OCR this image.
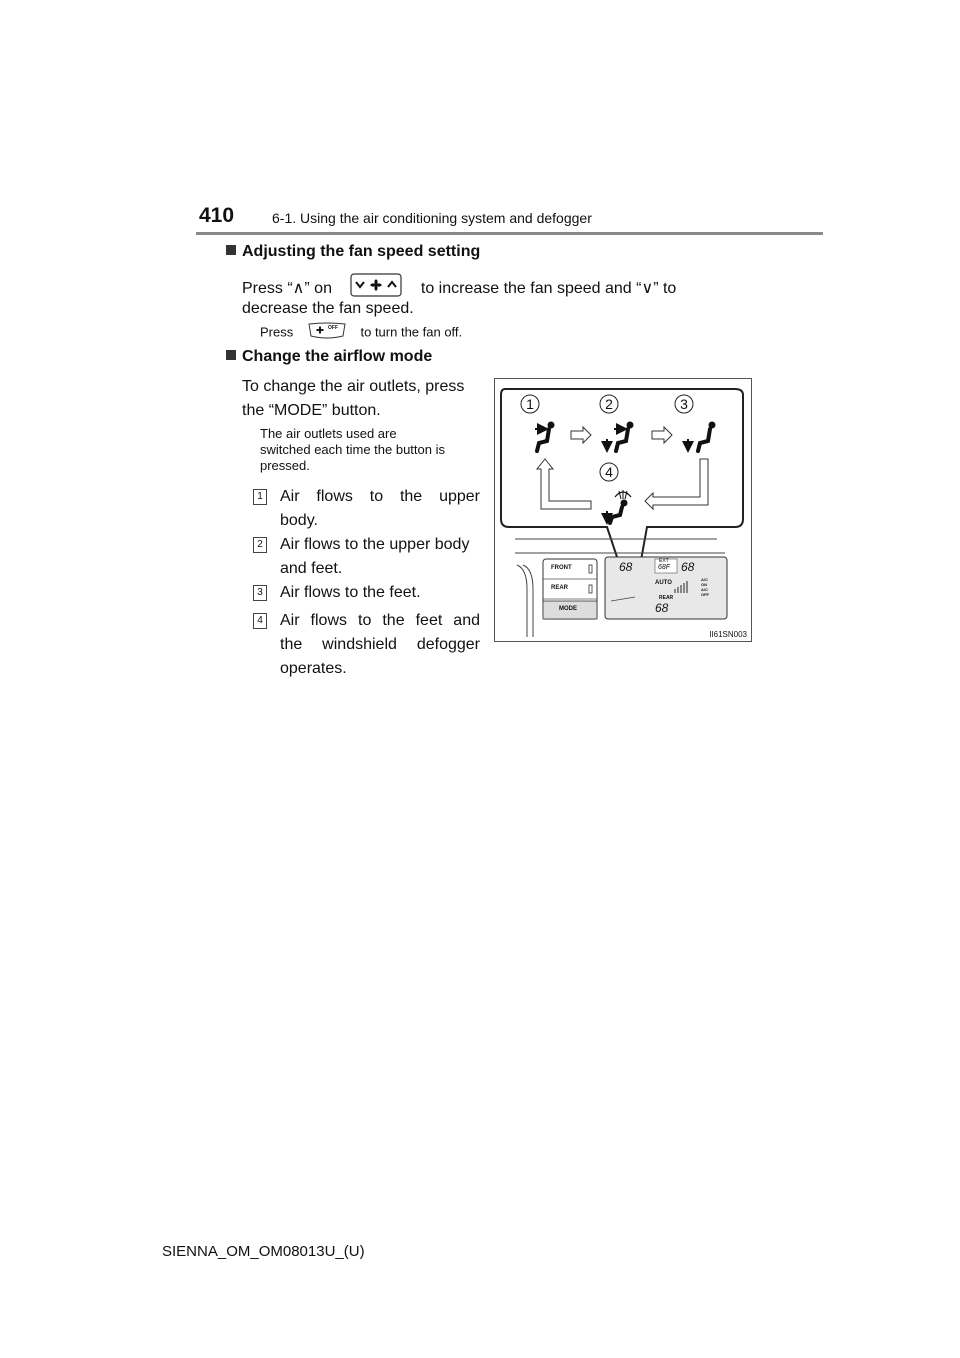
410	6-1. Using the air conditioning system and defogger
Adjusting the fan speed setting
Press “∧” on	to increase the fan speed and “∨” to
decrease the fan speed.
Press	to turn the fan off.
OFF
Change the airflow mode
To change the air outlets, press
the “MODE” button.
The air outlets used are
switched each time the button is
pressed.
1 Air flows to the upper
body.
2 Air flows to the upper body
and feet.
3 Air flows to the feet.
4 Air flows to the feet and
the windshield defogger
operates.
1	2	3
4
FRONT
REAR
MODE
68	EXT
68F 68
AUTO
REAR
68
A/C
ON
A/C
OFF
II61SN003
SIENNA_OM_OM08013U_(U)
